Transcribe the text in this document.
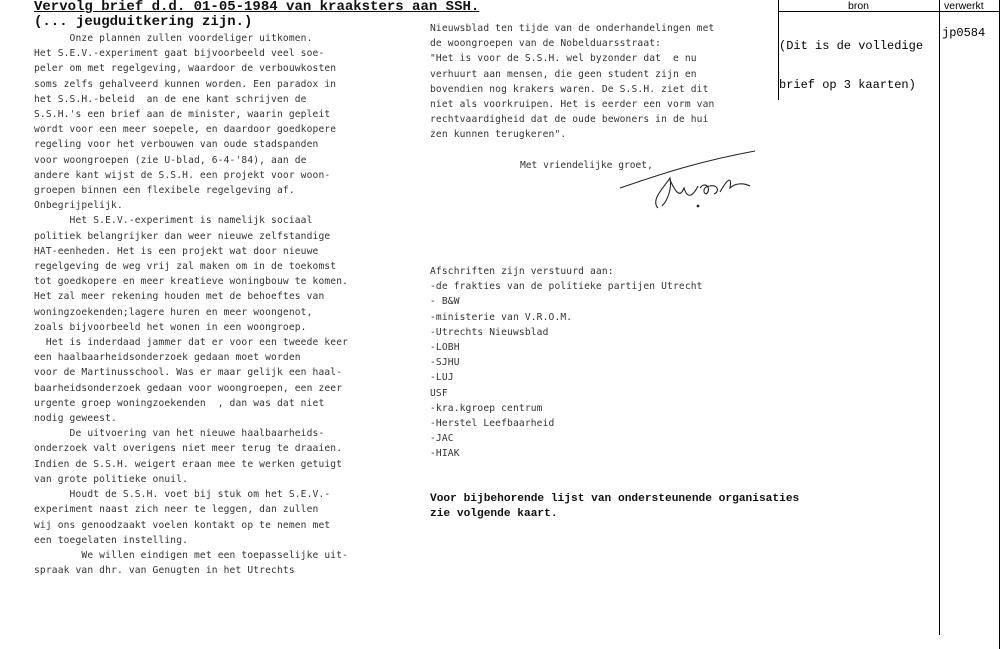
Vervolg brief d.d. 01-05-1984 van kraaksters aan SSH.
(... jeugduitkering zijn.)
Onze plannen zullen voordeliger uitkomen.
Het S.E.V.-experiment gaat bijvoorbeeld veel soe-
peler om met regelgeving, waardoor de verbouwkosten
soms zelfs gehalveerd kunnen worden. Een paradox in
het S.S.H.-beleid  an de ene kant schrijven de
S.S.H.'s een brief aan de minister, waarin gepleit
wordt voor een meer soepele, en daardoor goedkopere
regeling voor het verbouwen van oude stadspanden
voor woongroepen (zie U-blad, 6-4-'84), aan de
andere kant wijst de S.S.H. een projekt voor woon-
groepen binnen een flexibele regelgeving af.
Onbegrijpelijk.
Het S.E.V.-experiment is namelijk sociaal
politiek belangrijker dan weer nieuwe zelfstandige
HAT-eenheden. Het is een projekt wat door nieuwe
regelgeving de weg vrij zal maken om in de toekomst
tot goedkopere en meer kreatieve woningbouw te komen.
Het zal meer rekening houden met de behoeftes van
woningzoekenden;lagere huren en meer woongenot,
zoals bijvoorbeeld het wonen in een woongroep.
Het is inderdaad jammer dat er voor een tweede keer
een haalbaarheidsonderzoek gedaan moet worden
voor de Martinusschool. Was er maar gelijk een haal-
baarheidsonderzoek gedaan voor woongroepen, een zeer
urgente groep woningzoekenden  , dan was dat niet
nodig geweest.
De uitvoering van het nieuwe haalbaarheids-
onderzoek valt overigens niet meer terug te draaien.
Indien de S.S.H. weigert eraan mee te werken getuigt
van grote politieke onuil.
Houdt de S.S.H. voet bij stuk om het S.E.V.-
experiment naast zich neer te leggen, dan zullen
wij ons genoodzaakt voelen kontakt op te nemen met
een toegelaten instelling.
We willen eindigen met een toepasselijke uit-
spraak van dhr. van Genugten in het Utrechts
Nieuwsblad ten tijde van de onderhandelingen met
de woongroepen van de Nobelduarsstraat:
"Het is voor de S.S.H. wel byzonder dat  e nu
verhuurt aan mensen, die geen student zijn en
bovendien nog krakers waren. De S.S.H. ziet dit
niet als voorkruipen. Het is eerder een vorm van
rechtvaardigheid dat de oude bewoners in de hui
zen kunnen terugkeren".
Met vriendelijke groet,
Afschriften zijn verstuurd aan:
-de frakties van de politieke partijen Utrecht
- B&W
-ministerie van V.R.O.M.
-Utrechts Nieuwsblad
-LOBH
-SJHU
-LUJ
USF
-kra.kgroep centrum
-Herstel Leefbaarheid
-JAC
-HIAK
Voor bijbehorende lijst van ondersteunende organisaties
zie volgende kaart.
bron	verwerkt

(Dit is de volledige

brief op 3 kaarten)

jp0584
